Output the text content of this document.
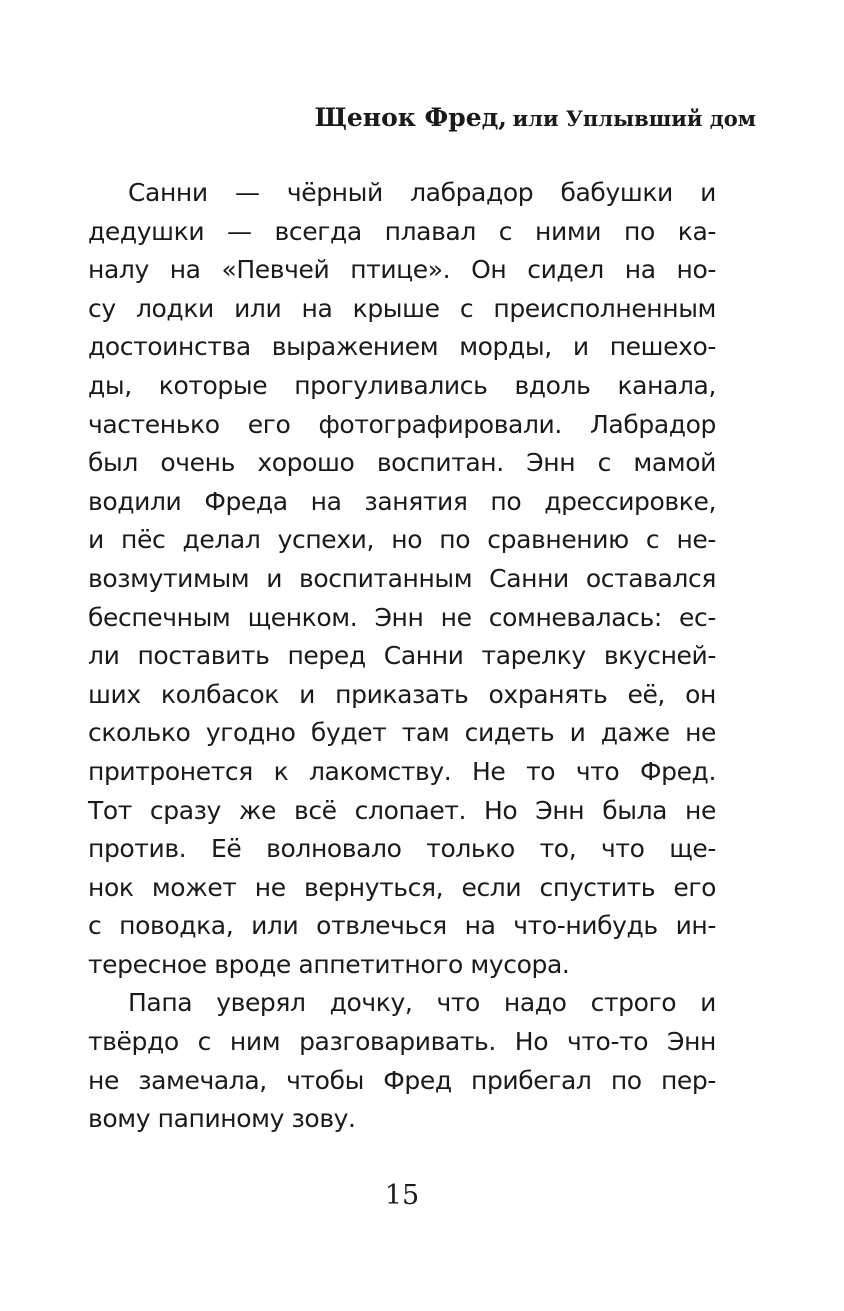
Щенок Фред, или Уплывший дом
Санни — чёрный лабрадор бабушки и
дедушки — всегда плавал с ними по ка-
налу на «Певчей птице». Он сидел на но-
су лодки или на крыше с преисполненным
достоинства выражением морды, и пешехо-
ды, которые прогуливались вдоль канала,
частенько его фотографировали. Лабрадор
был очень хорошо воспитан. Энн с мамой
водили Фреда на занятия по дрессировке,
и пёс делал успехи, но по сравнению с не-
возмутимым и воспитанным Санни оставался
беспечным щенком. Энн не сомневалась: ес-
ли поставить перед Санни тарелку вкусней-
ших колбасок и приказать охранять её, он
сколько угодно будет там сидеть и даже не
притронется к лакомству. Не то что Фред.
Тот сразу же всё слопает. Но Энн была не
против. Её волновало только то, что ще-
нок может не вернуться, если спустить его
с поводка, или отвлечься на что-нибудь ин-
тересное вроде аппетитного мусора.
Папа уверял дочку, что надо строго и
твёрдо с ним разговаривать. Но что-то Энн
не замечала, чтобы Фред прибегал по пер-
вому папиному зову.
15
